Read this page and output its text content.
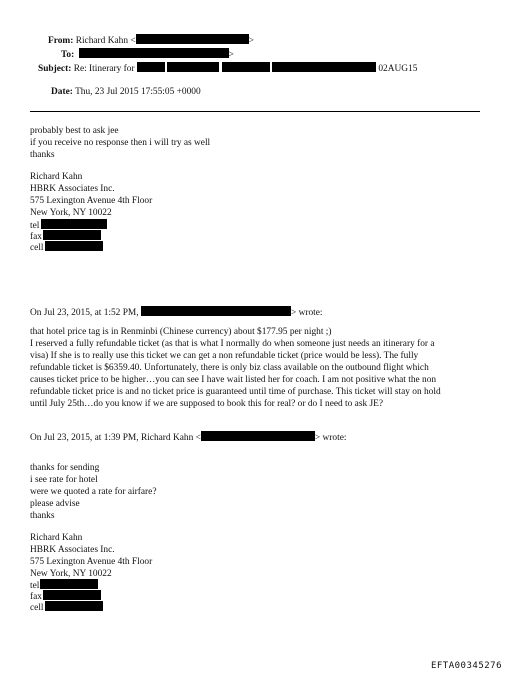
From: Richard Kahn <	>
To:	>
Subject: Re: Itinerary for	02AUG15
Date: Thu, 23 Jul 2015 17:55:05 +0000
probably best to ask jee
if you receive no response then i will try as well
thanks
Richard Kahn
HBRK Associates Inc.
575 Lexington Avenue 4th Floor
New York, NY 10022
tel
fax
cell
On Jul 23, 2015, at 1:52 PM,	> wrote:
that hotel price tag is in Renminbi (Chinese currency) about $177.95 per night ;)
I reserved a fully refundable ticket (as that is what I normally do when someone just needs an itinerary for a
visa) If she is to really use this ticket we can get a non refundable ticket (price would be less). The fully
refundable ticket is $6359.40. Unfortunately, there is only biz class available on the outbound flight which
causes ticket price to be higher…you can see I have wait listed her for coach. I am not positive what the non
refundable ticket price is and no ticket price is guaranteed until time of purchase. This ticket will stay on hold
until July 25th…do you know if we are supposed to book this for real? or do I need to ask JE?
On Jul 23, 2015, at 1:39 PM, Richard Kahn <	> wrote:
thanks for sending
i see rate for hotel
were we quoted a rate for airfare?
please advise
thanks
Richard Kahn
HBRK Associates Inc.
575 Lexington Avenue 4th Floor
New York, NY 10022
tel
fax
cell
EFTA00345276
